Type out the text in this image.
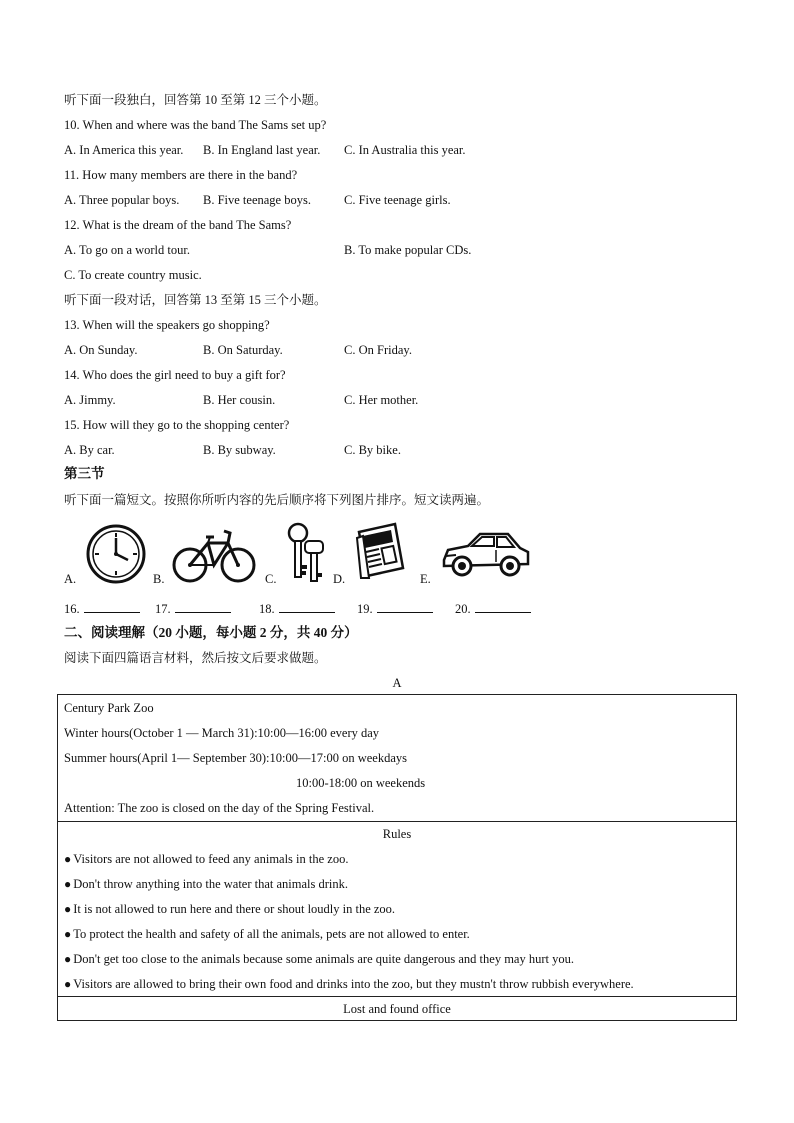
听下面一段独白，回答第 10 至第 12 三个小题。
10. When and where was the band The Sams set up?
A. In America this year. B. In England last year. C. In Australia this year.
11. How many members are there in the band?
A. Three popular boys. B. Five teenage boys.	C. Five teenage girls.
12. What is the dream of the band The Sams?
A. To go on a world tour.	B. To make popular CDs.
C. To create country music.
听下面一段对话，回答第 13 至第 15 三个小题。
13. When will the speakers go shopping?
A. On Sunday.	B. On Saturday.	C. On Friday.
14. Who does the girl need to buy a gift for?
A. Jimmy.	B. Her cousin.	C. Her mother.
15. How will they go to the shopping center?
A. By car.	B. By subway.	C. By bike.
第三节
听下面一篇短文。按照你所听内容的先后顺序将下列图片排序。短文读两遍。
A.	B.	C.	D.	E.
16.	17.	18.	19.	20.
二、阅读理解（20 小题，每小题 2 分，共 40 分）
阅读下面四篇语言材料，然后按文后要求做题。
A
Century Park Zoo
Winter hours(October 1 — March 31):10:00—16:00 every day
Summer hours(April 1— September 30):10:00—17:00 on weekdays
10:00-18:00 on weekends
Attention: The zoo is closed on the day of the Spring Festival.
Rules
● Visitors are not allowed to feed any animals in the zoo.
● Don't throw anything into the water that animals drink.
● It is not allowed to run here and there or shout loudly in the zoo.
● To protect the health and safety of all the animals, pets are not allowed to enter.
● Don't get too close to the animals because some animals are quite dangerous and they may hurt you.
● Visitors are allowed to bring their own food and drinks into the zoo, but they mustn't throw rubbish everywhere.
Lost and found office
